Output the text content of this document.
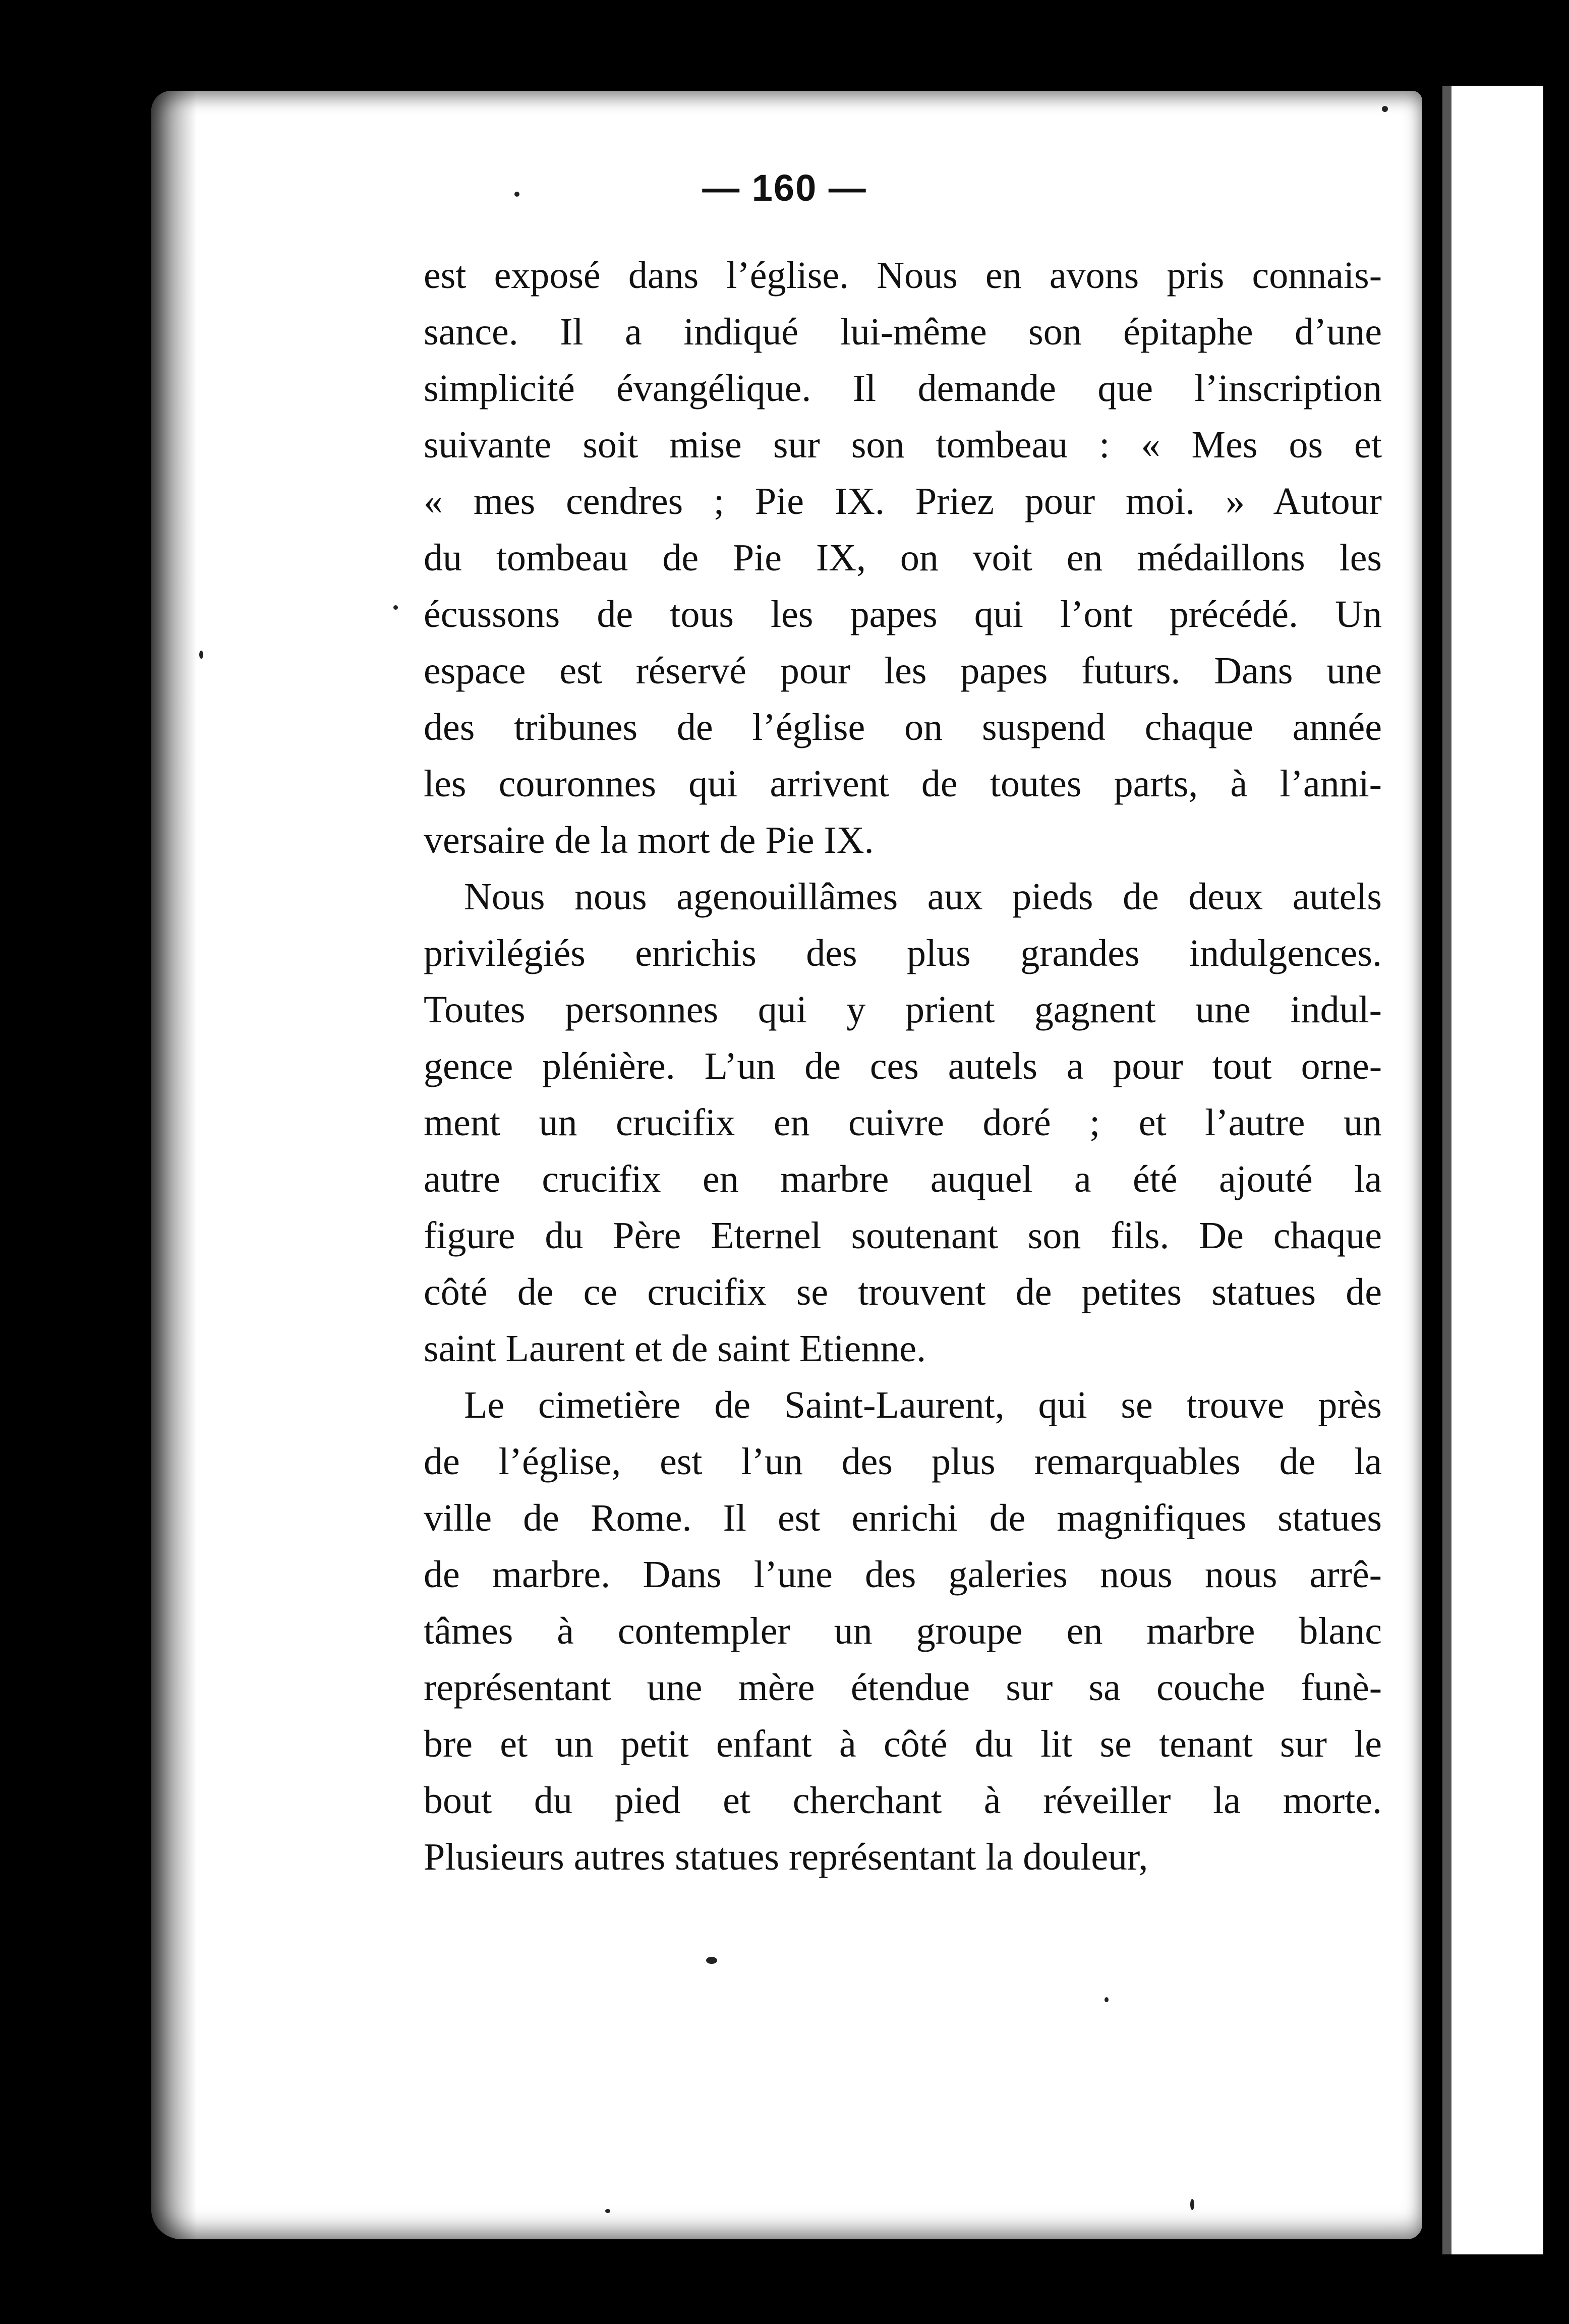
— 160 —
est exposé dans l’église. Nous en avons pris connais-
sance. Il a indiqué lui-même son épitaphe d’une
simplicité évangélique. Il demande que l’inscription
suivante soit mise sur son tombeau : « Mes os et
« mes cendres ; Pie IX. Priez pour moi. » Autour
du tombeau de Pie IX, on voit en médaillons les
écussons de tous les papes qui l’ont précédé. Un
espace est réservé pour les papes futurs. Dans une
des tribunes de l’église on suspend chaque année
les couronnes qui arrivent de toutes parts, à l’anni-
versaire de la mort de Pie IX.
Nous nous agenouillâmes aux pieds de deux autels
privilégiés enrichis des plus grandes indulgences.
Toutes personnes qui y prient gagnent une indul-
gence plénière. L’un de ces autels a pour tout orne-
ment un crucifix en cuivre doré ; et l’autre un
autre crucifix en marbre auquel a été ajouté la
figure du Père Eternel soutenant son fils. De chaque
côté de ce crucifix se trouvent de petites statues de
saint Laurent et de saint Etienne.
Le cimetière de Saint-Laurent, qui se trouve près
de l’église, est l’un des plus remarquables de la
ville de Rome. Il est enrichi de magnifiques statues
de marbre. Dans l’une des galeries nous nous arrê-
tâmes à contempler un groupe en marbre blanc
représentant une mère étendue sur sa couche funè-
bre et un petit enfant à côté du lit se tenant sur le
bout du pied et cherchant à réveiller la morte.
Plusieurs autres statues représentant la douleur,
